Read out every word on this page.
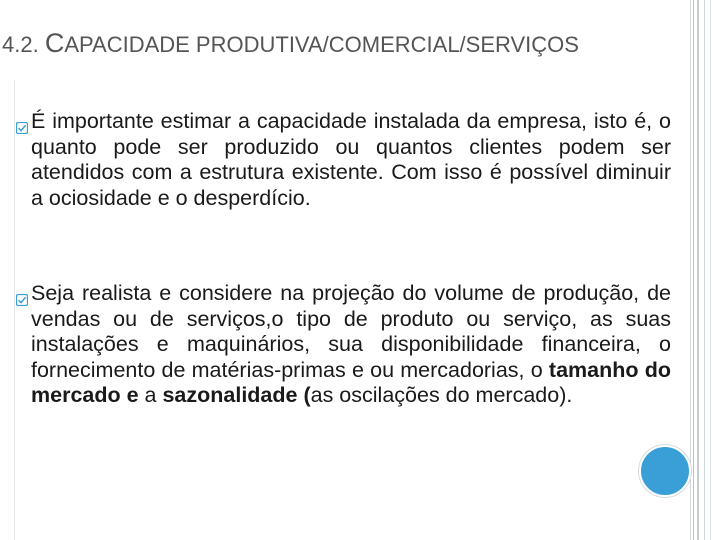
4.2. CAPACIDADE PRODUTIVA/COMERCIAL/SERVIÇOS
É importante estimar a capacidade instalada da empresa, isto é, o quanto pode ser produzido ou quantos clientes podem ser atendidos com a estrutura existente. Com isso é possível diminuir a ociosidade e o desperdício.
Seja realista e considere na projeção do volume de produção, de vendas ou de serviços,o tipo de produto ou serviço, as suas instalações e maquinários, sua disponibilidade financeira, o fornecimento de matérias-primas e ou mercadorias, o tamanho do mercado e a sazonalidade (as oscilações do mercado).
